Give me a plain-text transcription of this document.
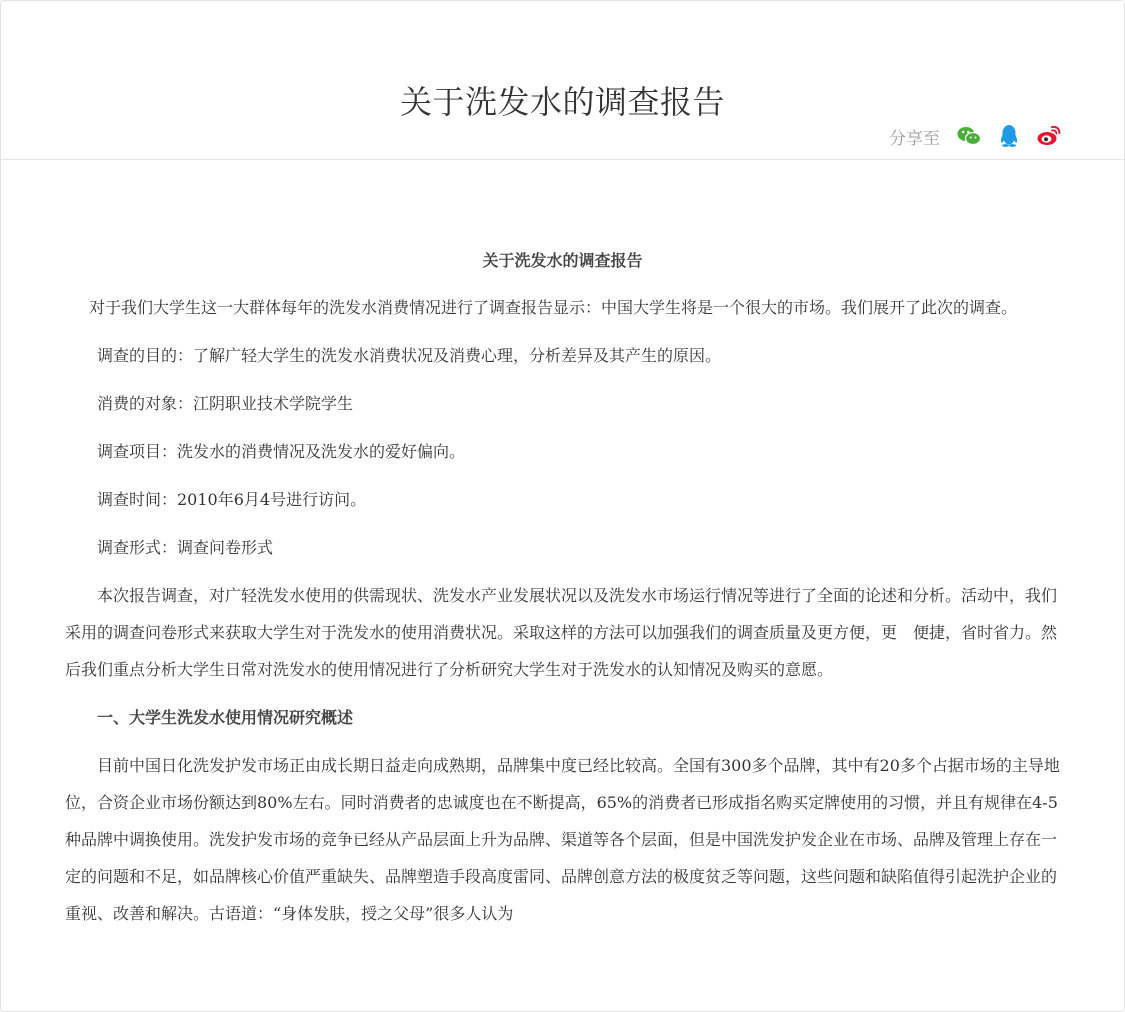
关于洗发水的调查报告
分享至
关于洗发水的调查报告

对于我们大学生这一大群体每年的洗发水消费情况进行了调查报告显示：中国大学生将是一个很大的市场。我们展开了此次的调查。

调查的目的：了解广轻大学生的洗发水消费状况及消费心理，分析差异及其产生的原因。

消费的对象：江阴职业技术学院学生

调查项目：洗发水的消费情况及洗发水的爱好偏向。

调查时间：2010年6月4号进行访问。

调查形式：调查问卷形式

本次报告调查，对广轻洗发水使用的供需现状、洗发水产业发展状况以及洗发水市场运行情况等进行了全面的论述和分析。活动中，我们采用的调查问卷形式来获取大学生对于洗发水的使用消费状况。采取这样的方法可以加强我们的调查质量及更方便，更　便捷，省时省力。然后我们重点分析大学生日常对洗发水的使用情况进行了分析研究大学生对于洗发水的认知情况及购买的意愿。

一、大学生洗发水使用情况研究概述

目前中国日化洗发护发市场正由成长期日益走向成熟期，品牌集中度已经比较高。全国有300多个品牌，其中有20多个占据市场的主导地位，合资企业市场份额达到80%左右。同时消费者的忠诚度也在不断提高，65%的消费者已形成指名购买定牌使用的习惯，并且有规律在4-5种品牌中调换使用。洗发护发市场的竞争已经从产品层面上升为品牌、渠道等各个层面，但是中国洗发护发企业在市场、品牌及管理上存在一定的问题和不足，如品牌核心价值严重缺失、品牌塑造手段高度雷同、品牌创意方法的极度贫乏等问题，这些问题和缺陷值得引起洗护企业的重视、改善和解决。古语道：“身体发肤，授之父母”很多人认为
